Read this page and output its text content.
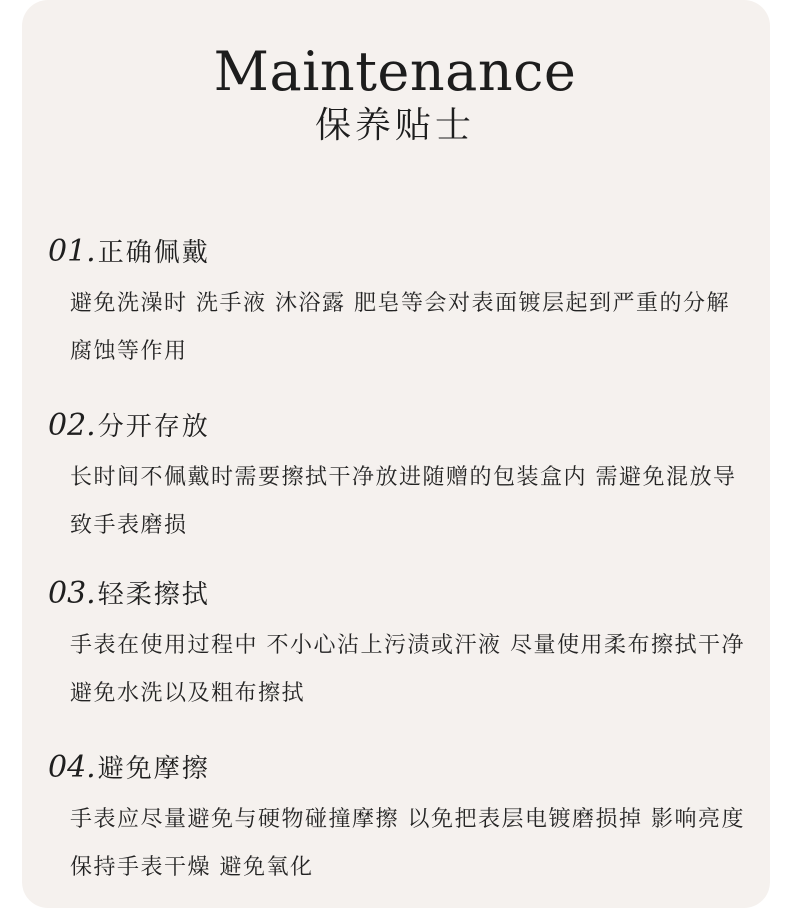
Maintenance
保养贴士
01. 正确佩戴
避免洗澡时 洗手液 沐浴露 肥皂等会对表面镀层起到严重的分解 腐蚀等作用
02. 分开存放
长时间不佩戴时需要擦拭干净放进随赠的包装盒内 需避免混放导致手表磨损
03. 轻柔擦拭
手表在使用过程中 不小心沾上污渍或汗液 尽量使用柔布擦拭干净 避免水洗以及粗布擦拭
04. 避免摩擦
手表应尽量避免与硬物碰撞摩擦 以免把表层电镀磨损掉 影响亮度 保持手表干燥 避免氧化
